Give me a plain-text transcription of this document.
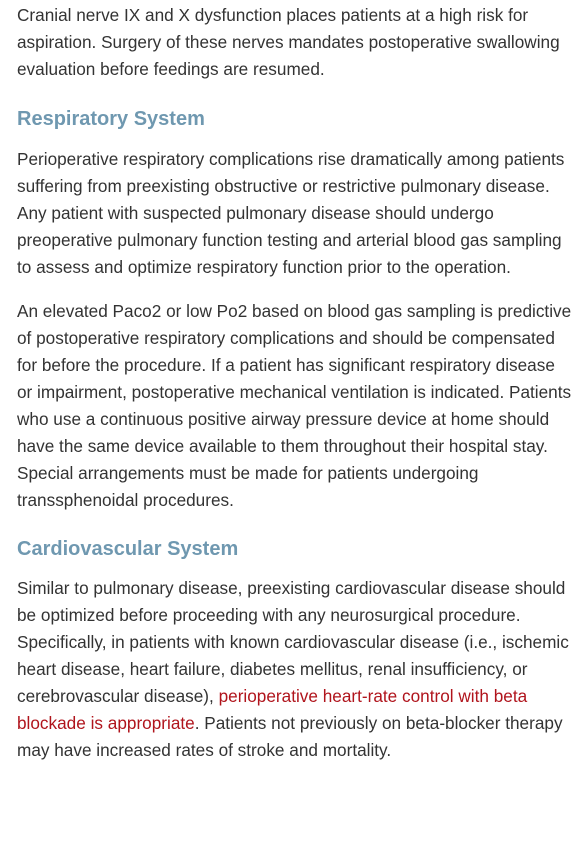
Cranial nerve IX and X dysfunction places patients at a high risk for aspiration. Surgery of these nerves mandates postoperative swallowing evaluation before feedings are resumed.

Respiratory System

Perioperative respiratory complications rise dramatically among patients suffering from preexisting obstructive or restrictive pulmonary disease. Any patient with suspected pulmonary disease should undergo preoperative pulmonary function testing and arterial blood gas sampling to assess and optimize respiratory function prior to the operation.

An elevated Paco2 or low Po2 based on blood gas sampling is predictive of postoperative respiratory complications and should be compensated for before the procedure. If a patient has significant respiratory disease or impairment, postoperative mechanical ventilation is indicated. Patients who use a continuous positive airway pressure device at home should have the same device available to them throughout their hospital stay. Special arrangements must be made for patients undergoing transsphenoidal procedures.

Cardiovascular System

Similar to pulmonary disease, preexisting cardiovascular disease should be optimized before proceeding with any neurosurgical procedure. Specifically, in patients with known cardiovascular disease (i.e., ischemic heart disease, heart failure, diabetes mellitus, renal insufficiency, or cerebrovascular disease), perioperative heart-rate control with beta blockade is appropriate. Patients not previously on beta-blocker therapy may have increased rates of stroke and mortality.
